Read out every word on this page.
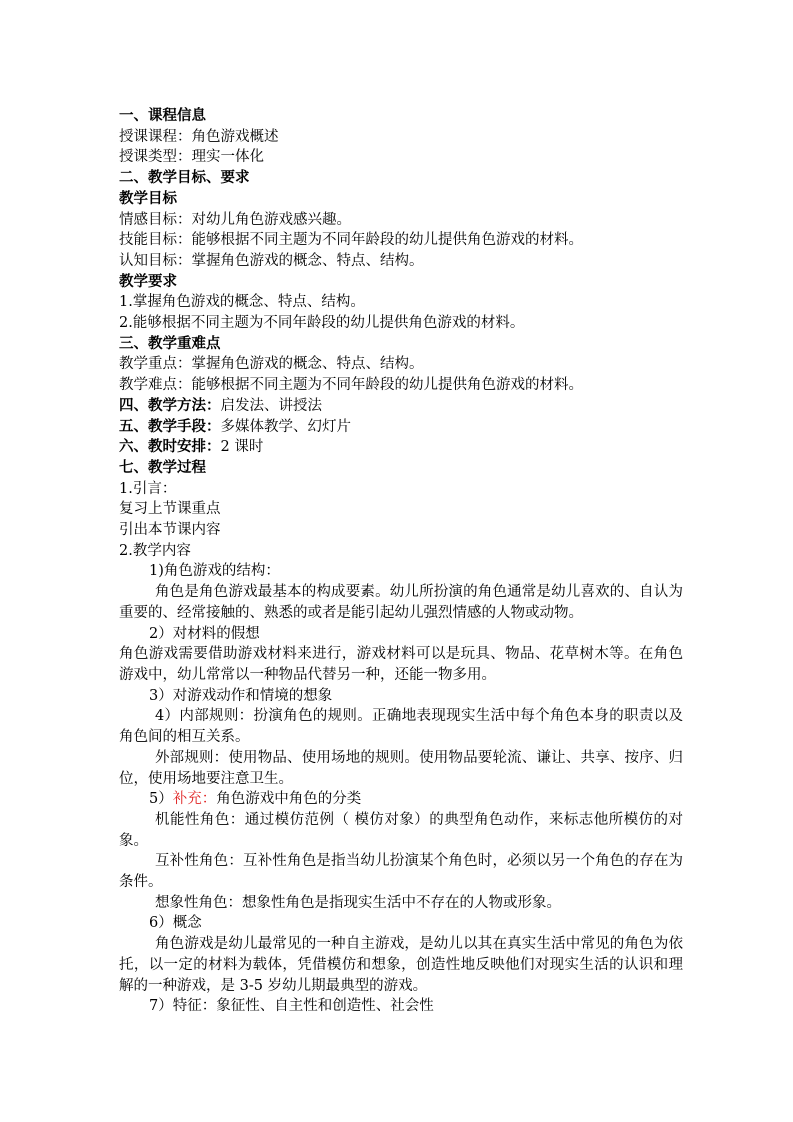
一、课程信息

授课课程：角色游戏概述

授课类型：理实一体化

二、教学目标、要求

教学目标

情感目标：对幼儿角色游戏感兴趣。

技能目标：能够根据不同主题为不同年龄段的幼儿提供角色游戏的材料。

认知目标：掌握角色游戏的概念、特点、结构。

教学要求

1.掌握角色游戏的概念、特点、结构。

2.能够根据不同主题为不同年龄段的幼儿提供角色游戏的材料。

三、教学重难点

教学重点：掌握角色游戏的概念、特点、结构。

教学难点：能够根据不同主题为不同年龄段的幼儿提供角色游戏的材料。

四、教学方法：启发法、讲授法

五、教学手段：多媒体教学、幻灯片

六、教时安排：2 课时

七、教学过程

1.引言：

复习上节课重点

引出本节课内容

2.教学内容

1)角色游戏的结构：

角色是角色游戏最基本的构成要素。幼儿所扮演的角色通常是幼儿喜欢的、自认为重要的、经常接触的、熟悉的或者是能引起幼儿强烈情感的人物或动物。

2）对材料的假想

角色游戏需要借助游戏材料来进行，游戏材料可以是玩具、物品、花草树木等。在角色游戏中，幼儿常常以一种物品代替另一种，还能一物多用。

3）对游戏动作和情境的想象

4）内部规则：扮演角色的规则。正确地表现现实生活中每个角色本身的职责以及角色间的相互关系。

外部规则：使用物品、使用场地的规则。使用物品要轮流、谦让、共享、按序、归位，使用场地要注意卫生。

5）补充：角色游戏中角色的分类

机能性角色：通过模仿范例（ 模仿对象）的典型角色动作，来标志他所模仿的对象。

互补性角色：互补性角色是指当幼儿扮演某个角色时，必须以另一个角色的存在为条件。

想象性角色：想象性角色是指现实生活中不存在的人物或形象。

6）概念

角色游戏是幼儿最常见的一种自主游戏，是幼儿以其在真实生活中常见的角色为依托，以一定的材料为载体，凭借模仿和想象，创造性地反映他们对现实生活的认识和理解的一种游戏，是 3-5 岁幼儿期最典型的游戏。

7）特征：象征性、自主性和创造性、社会性
